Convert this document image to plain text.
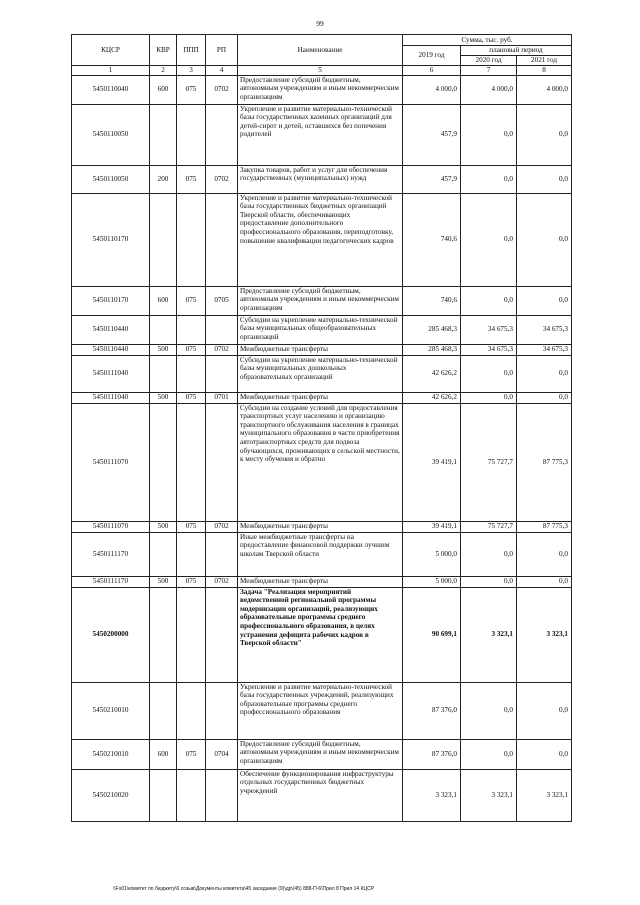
99
КЦСР	КВР	ППП	РП	Наименование	Сумма, тыс. руб.		
					2019 год	плановый период	
						2020 год	2021 год
1	2	3	4	5	6	7	8
5450110040	600	075	0702	Предоставление субсидий бюджетным, автономным учреждениям и иным некоммерческим организациям	4 000,0	4 000,0	4 000,0
5450110050				Укрепление и развитие материально-технической базы государственных казенных организаций для детей-сирот и детей, оставшихся без попечения родителей	457,9	0,0	0,0
5450110050	200	075	0702	Закупка товаров, работ и услуг для обеспечения государственных (муниципальных) нужд	457,9	0,0	0,0
5450110170				Укрепление и развитие материально-технической базы государственных бюджетных организаций Тверской области, обеспечивающих предоставление дополнительного профессионального образования, переподготовку, повышение квалификации педагогических кадров	740,6	0,0	0,0
5450110170	600	075	0705	Предоставление субсидий бюджетным, автономным учреждениям и иным некоммерческим организациям	740,6	0,0	0,0
5450110440				Субсидии на укрепление материально-технической базы муниципальных общеобразовательных организаций	285 468,3	34 675,3	34 675,3
5450110440	500	075	0702	Межбюджетные трансферты	285 468,3	34 675,3	34 675,3
5450111040				Субсидии на укрепление материально-технической базы муниципальных дошкольных образовательных организаций	42 626,2	0,0	0,0
5450111040	500	075	0701	Межбюджетные трансферты	42 626,2	0,0	0,0
5450111070				Субсидии на создание условий для предоставления транспортных услуг населению и организацию транспортного обслуживания населения в границах муниципального образования в части приобретения автотранспортных средств для подвоза обучающихся, проживающих в сельской местности, к месту обучения и обратно	39 419,1	75 727,7	87 775,3
5450111070	500	075	0702	Межбюджетные трансферты	39 419,1	75 727,7	87 775,3
5450111170				Иные межбюджетные трансферты на предоставление финансовой поддержки лучшим школам Тверской области	5 000,0	0,0	0,0
5450111170	500	075	0702	Межбюджетные трансферты	5 000,0	0,0	0,0
5450200000				Задача "Реализация мероприятий ведомственной региональной программы модернизации организаций, реализующих образовательные программы среднего профессионального образования, в целях устранения дефицита рабочих кадров в Тверской области"	90 699,1	3 323,1	3 323,1
5450210010				Укрепление и развитие материально-технической базы государственных учреждений, реализующих образовательные программы среднего профессионального образования	87 376,0	0,0	0,0
5450210010	600	075	0704	Предоставление субсидий бюджетным, автономным учреждениям и иным некоммерческим организациям	87 376,0	0,0	0,0
5450210020				Обеспечение функционирования инфраструктуры отдельных государственных бюджетных учреждений	3 323,1	3 323,1	3 323,1
\\Fs01\комитет по бюджету\6 созыв\Документы комитета\45 заседание (9)\др\(45) 888-П-6\Прил 8 Прил 14 КЦСР
